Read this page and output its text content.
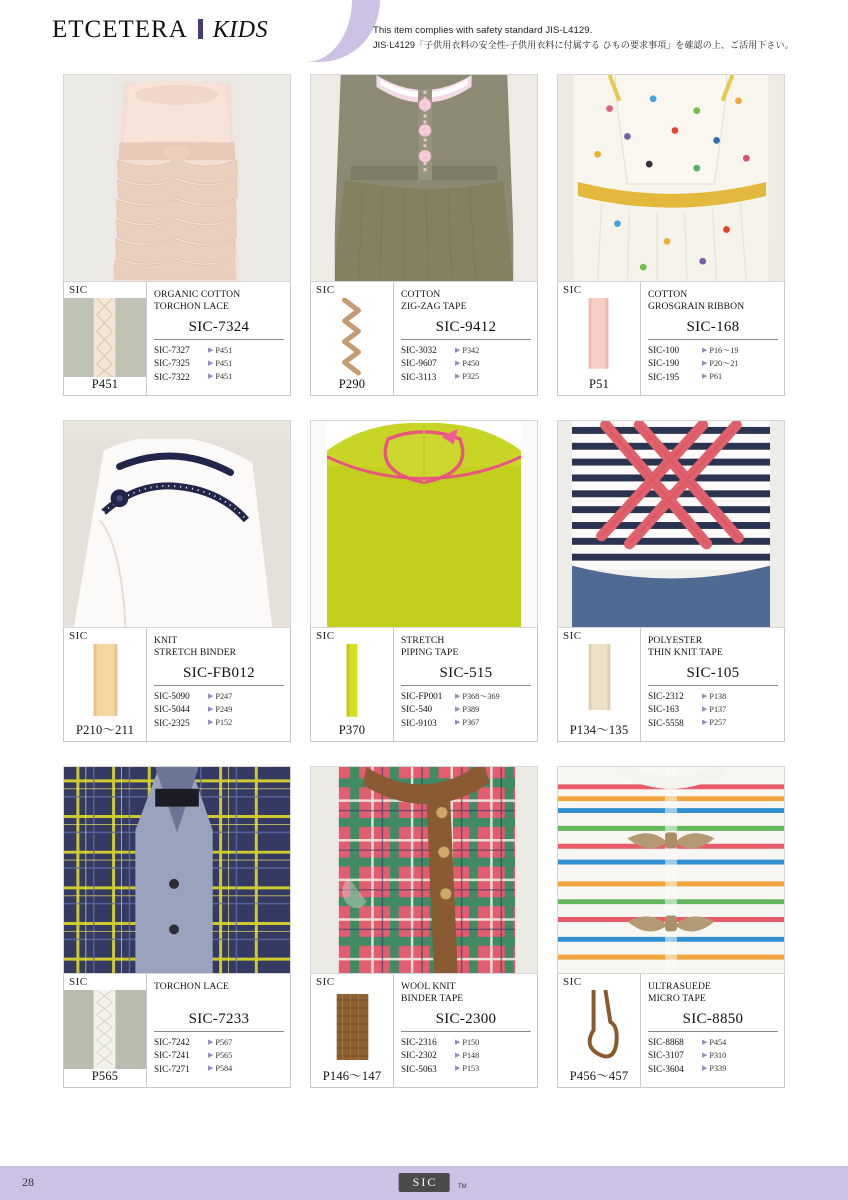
ETCETERA KIDS	This item complies with safety standard JIS-L4129.
JIS·L4129「子供用衣料の安全性-子供用衣料に付属する ひもの要求事項」を確認の上、ご活用下さい。
SIC
P451
ORGANIC COTTON
TORCHON LACE
SIC-7324
SIC-7327	▶ P451
SIC-7325	▶ P451
SIC-7322	▶ P451
SIC
P290
COTTON
ZIG-ZAG TAPE
SIC-9412
SIC-3032	▶ P342
SIC-9607	▶ P450
SIC-3113	▶ P325
SIC
P51
COTTON
GROSGRAIN RIBBON
SIC-168
SIC-100	▶ P16〜19
SIC-190	▶ P20〜21
SIC-195	▶ P61
SIC
P210〜211
KNIT
STRETCH BINDER
SIC-FB012
SIC-5090	▶ P247
SIC-5044	▶ P249
SIC-2325	▶ P152
SIC
P370
STRETCH
PIPING TAPE
SIC-515
SIC-FP001	▶ P368〜369
SIC-540	▶ P389
SIC-9103	▶ P367
SIC
P134〜135
POLYESTER
THIN KNIT TAPE
SIC-105
SIC-2312	▶ P138
SIC-163	▶ P137
SIC-5558	▶ P257
SIC
P565
TORCHON LACE
SIC-7233
SIC-7242	▶ P567
SIC-7241	▶ P565
SIC-7271	▶ P584
SIC
P146〜147
WOOL KNIT
BINDER TAPE
SIC-2300
SIC-2316	▶ P150
SIC-2302	▶ P148
SIC-5063	▶ P153
SIC
P456〜457
ULTRASUEDE
MICRO TAPE
SIC-8850
SIC-8868	▶ P454
SIC-3107	▶ P310
SIC-3604	▶ P339
28	SIC	TM
